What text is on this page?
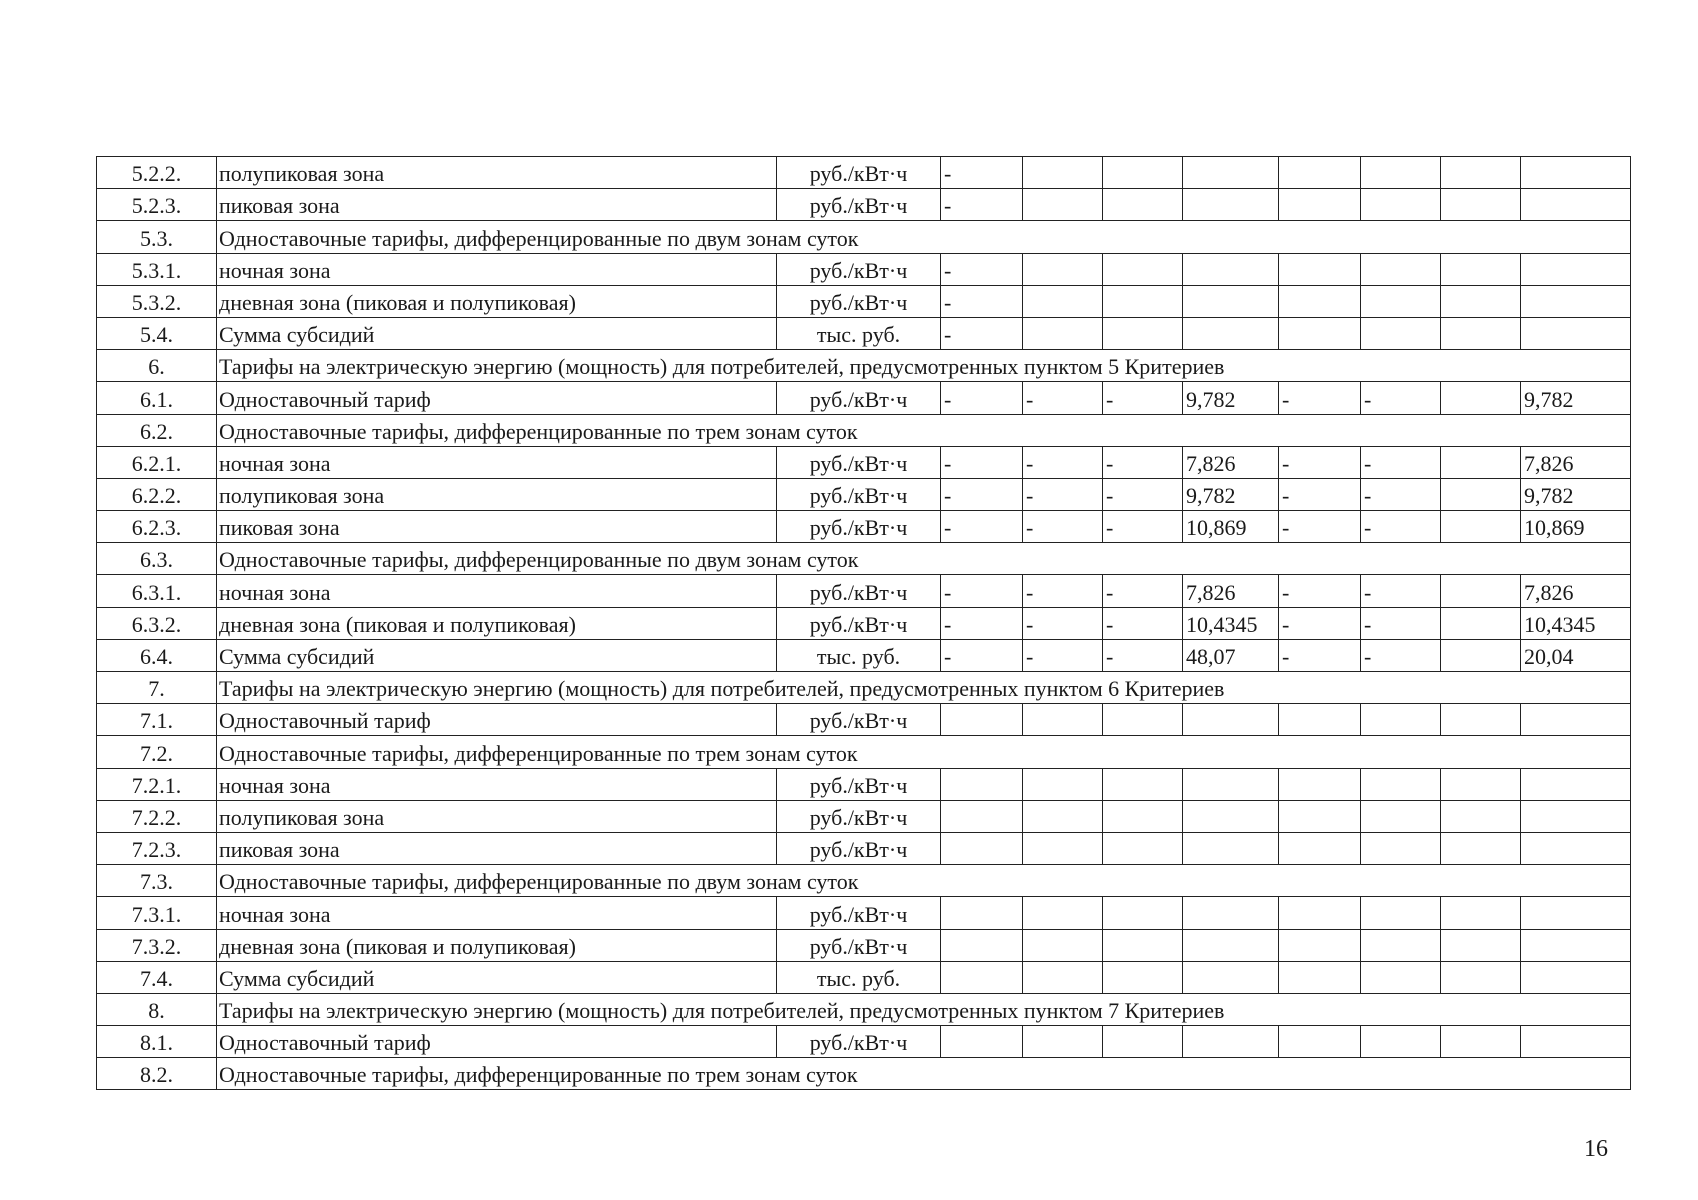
5.2.2.	полупиковая зона	руб./кВт·ч	-							
5.2.3.	пиковая зона	руб./кВт·ч	-							
5.3.	Одноставочные тарифы, дифференцированные по двум зонам суток									
5.3.1.	ночная зона	руб./кВт·ч	-							
5.3.2.	дневная зона (пиковая и полупиковая)	руб./кВт·ч	-							
5.4.	Сумма субсидий	тыс. руб.	-							
6.	Тарифы на электрическую энергию (мощность) для потребителей, предусмотренных пунктом 5 Критериев									
6.1.	Одноставочный тариф	руб./кВт·ч	-	-	-	9,782	-	-		9,782
6.2.	Одноставочные тарифы, дифференцированные по трем зонам суток									
6.2.1.	ночная зона	руб./кВт·ч	-	-	-	7,826	-	-		7,826
6.2.2.	полупиковая зона	руб./кВт·ч	-	-	-	9,782	-	-		9,782
6.2.3.	пиковая зона	руб./кВт·ч	-	-	-	10,869	-	-		10,869
6.3.	Одноставочные тарифы, дифференцированные по двум зонам суток									
6.3.1.	ночная зона	руб./кВт·ч	-	-	-	7,826	-	-		7,826
6.3.2.	дневная зона (пиковая и полупиковая)	руб./кВт·ч	-	-	-	10,4345	-	-		10,4345
6.4.	Сумма субсидий	тыс. руб.	-	-	-	48,07	-	-		20,04
7.	Тарифы на электрическую энергию (мощность) для потребителей, предусмотренных пунктом 6 Критериев									
7.1.	Одноставочный тариф	руб./кВт·ч								
7.2.	Одноставочные тарифы, дифференцированные по трем зонам суток									
7.2.1.	ночная зона	руб./кВт·ч								
7.2.2.	полупиковая зона	руб./кВт·ч								
7.2.3.	пиковая зона	руб./кВт·ч								
7.3.	Одноставочные тарифы, дифференцированные по двум зонам суток									
7.3.1.	ночная зона	руб./кВт·ч								
7.3.2.	дневная зона (пиковая и полупиковая)	руб./кВт·ч								
7.4.	Сумма субсидий	тыс. руб.								
8.	Тарифы на электрическую энергию (мощность) для потребителей, предусмотренных пунктом 7 Критериев									
8.1.	Одноставочный тариф	руб./кВт·ч								
8.2.	Одноставочные тарифы, дифференцированные по трем зонам суток									
16
